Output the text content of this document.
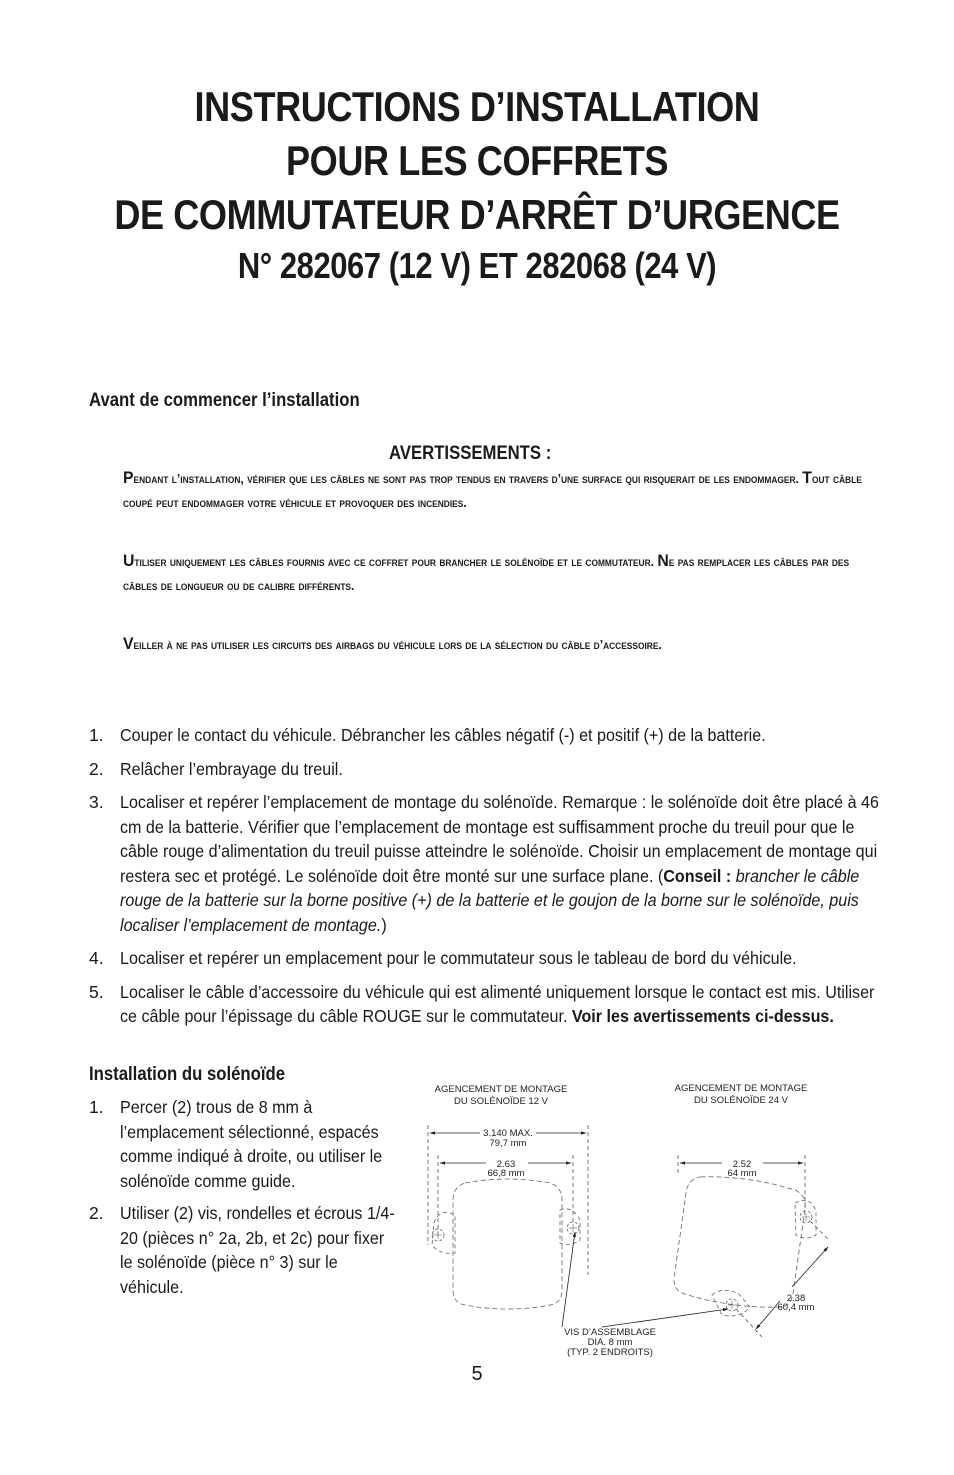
INSTRUCTIONS D’INSTALLATION
POUR LES COFFRETS
DE COMMUTATEUR D’ARRÊT D’URGENCE
N° 282067 (12 V) ET 282068 (24 V)
Avant de commencer l’installation
AVERTISSEMENTS :
Pendant l’installation, vérifier que les câbles ne sont pas trop tendus en travers d’une surface qui risquerait de les endommager. Tout câble coupé peut endommager votre véhicule et provoquer des incendies.
Utiliser uniquement les câbles fournis avec ce coffret pour brancher le solénoïde et le commutateur. Ne pas remplacer les câbles par des câbles de longueur ou de calibre différents.
Veiller à ne pas utiliser les circuits des airbags du véhicule lors de la sélection du câble d’accessoire.
1. Couper le contact du véhicule. Débrancher les câbles négatif (-) et positif (+) de la batterie.
2. Relâcher l’embrayage du treuil.
3. Localiser et repérer l’emplacement de montage du solénoïde. Remarque : le solénoïde doit être placé à 46 cm de la batterie. Vérifier que l’emplacement de montage est suffisamment proche du treuil pour que le câble rouge d’alimentation du treuil puisse atteindre le solénoïde. Choisir un emplacement de montage qui restera sec et protégé. Le solénoïde doit être monté sur une surface plane. (Conseil : brancher le câble rouge de la batterie sur la borne positive (+) de la batterie et le goujon de la borne sur le solénoïde, puis localiser l’emplacement de montage.)
4. Localiser et repérer un emplacement pour le commutateur sous le tableau de bord du véhicule.
5. Localiser le câble d’accessoire du véhicule qui est alimenté uniquement lorsque le contact est mis. Utiliser ce câble pour l’épissage du câble ROUGE sur le commutateur. Voir les avertissements ci-dessus.
Installation du solénoïde
1. Percer (2) trous de 8 mm à l’emplacement sélectionné, espacés comme indiqué à droite, ou utiliser le solénoïde comme guide.
2. Utiliser (2) vis, rondelles et écrous 1/4-20 (pièces n° 2a, 2b, et 2c) pour fixer le solénoïde (pièce n° 3) sur le véhicule.
AGENCEMENT DE MONTAGE
DU SOLÉNOÏDE 12 V
AGENCEMENT DE MONTAGE
DU SOLÉNOÏDE 24 V
3.140 MAX.
79,7 mm
2.63
66,8 mm
2.52
64 mm
2.38
60,4 mm
VIS D’ASSEMBLAGE
DIA. 8 mm
(TYP. 2 ENDROITS)
5
